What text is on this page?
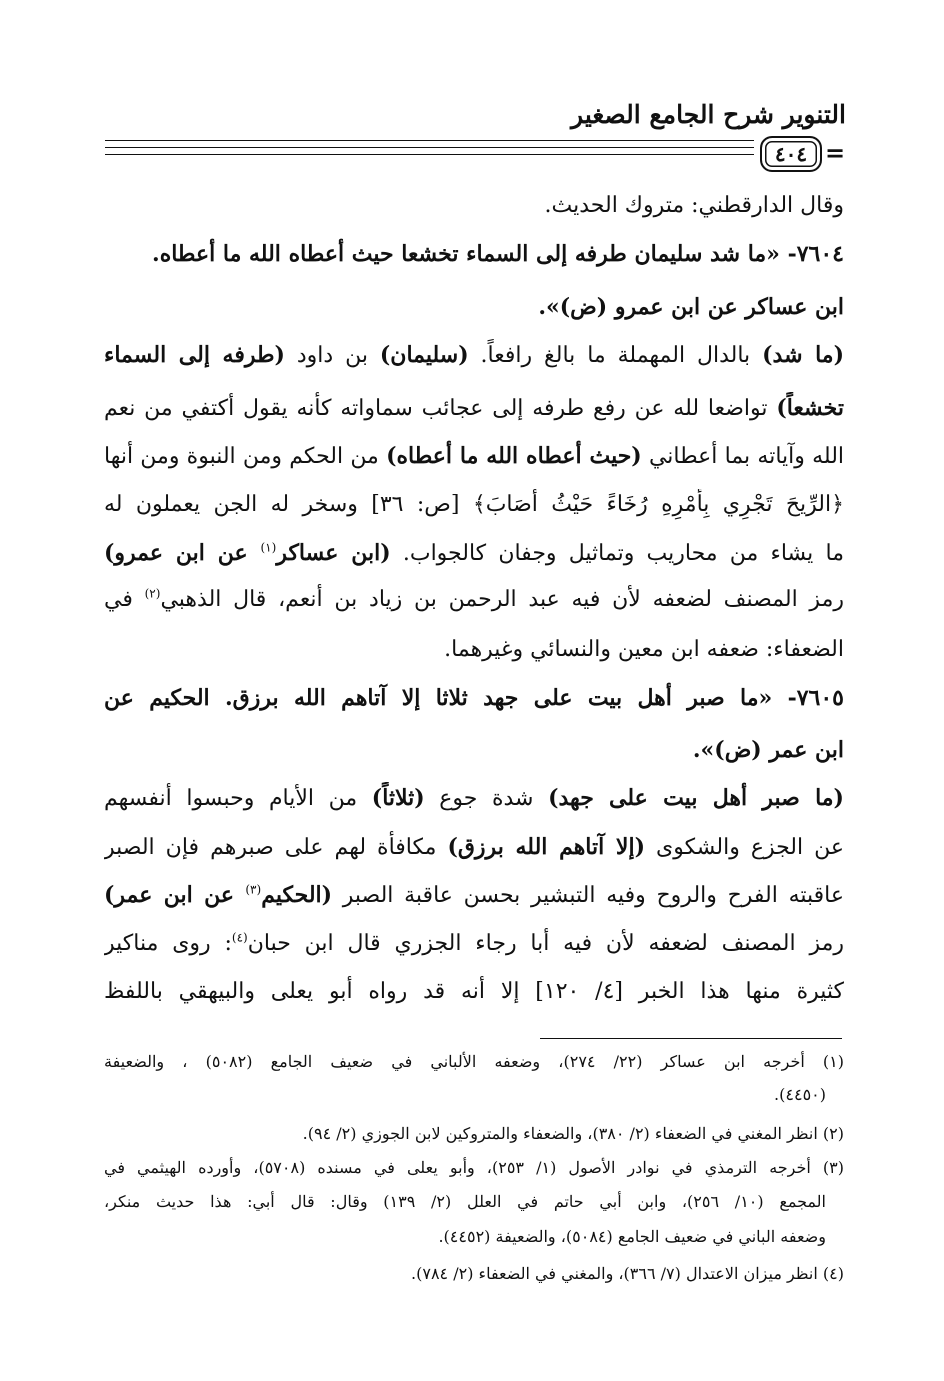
التنوير شرح الجامع الصغير
٤٠٤ =
وقال الدارقطني: متروك الحديث.
٧٦٠٤- «ما شد سليمان طرفه إلى السماء تخشعا حيث أعطاه الله ما أعطاه.
ابن عساكر عن ابن عمرو (ض)».
(ما شد) بالدال المهملة ما بالغ رافعاً. (سليمان) بن داود (طرفه إلى السماء
تخشعاً) تواضعا لله عن رفع طرفه إلى عجائب سماواته كأنه يقول أكتفي من نعم
الله وآياته بما أعطاني (حيث أعطاه الله ما أعطاه) من الحكم ومن النبوة ومن أنها
﴿الرِّيحَ تَجْرِي بِأَمْرِهِ رُخَاءً حَيْثُ أَصَابَ﴾ [ص: ٣٦] وسخر له الجن يعملون له
ما يشاء من محاريب وتماثيل وجفان كالجواب. (ابن عساكر$^{(١)}$ عن ابن عمرو)
رمز المصنف لضعفه لأن فيه عبد الرحمن بن زياد بن أنعم، قال الذهبي$^{(٢)}$ في
الضعفاء: ضعفه ابن معين والنسائي وغيرهما.
٧٦٠٥- «ما صبر أهل بيت على جهد ثلاثا إلا آتاهم الله برزق. الحكيم عن
ابن عمر (ض)».
(ما صبر أهل بيت على جهد) شدة جوع (ثلاثاً) من الأيام وحبسوا أنفسهم
عن الجزع والشكوى (إلا آتاهم الله برزق) مكافأة لهم على صبرهم فإن الصبر
عاقبته الفرح والروح وفيه التبشير بحسن عاقبة الصبر (الحكيم$^{(٣)}$ عن ابن عمر)
رمز المصنف لضعفه لأن فيه أبا رجاء الجزري قال ابن حبان$^{(٤)}$: روى مناكير
كثيرة منها هذا الخبر [٤/ ١٢٠] إلا أنه قد رواه أبو يعلى والبيهقي باللفظ
(١) أخرجه ابن عساكر (٢٢/ ٢٧٤)، وضعفه الألباني في ضعيف الجامع (٥٠٨٢) ، والضعيفة
(٤٤٥٠).
(٢) انظر المغني في الضعفاء (٢/ ٣٨٠)، والضعفاء والمتروكين لابن الجوزي (٢/ ٩٤).
(٣) أخرجه الترمذي في نوادر الأصول (١/ ٢٥٣)، وأبو يعلى في مسنده (٥٧٠٨)، وأورده الهيثمي في
المجمع (١٠/ ٢٥٦)، وابن أبي حاتم في العلل (٢/ ١٣٩) وقال: قال أبي: هذا حديث منكر،
وضعفه الباني في ضعيف الجامع (٥٠٨٤)، والضعيفة (٤٤٥٢).
(٤) انظر ميزان الاعتدال (٧/ ٣٦٦)، والمغني في الضعفاء (٢/ ٧٨٤).
